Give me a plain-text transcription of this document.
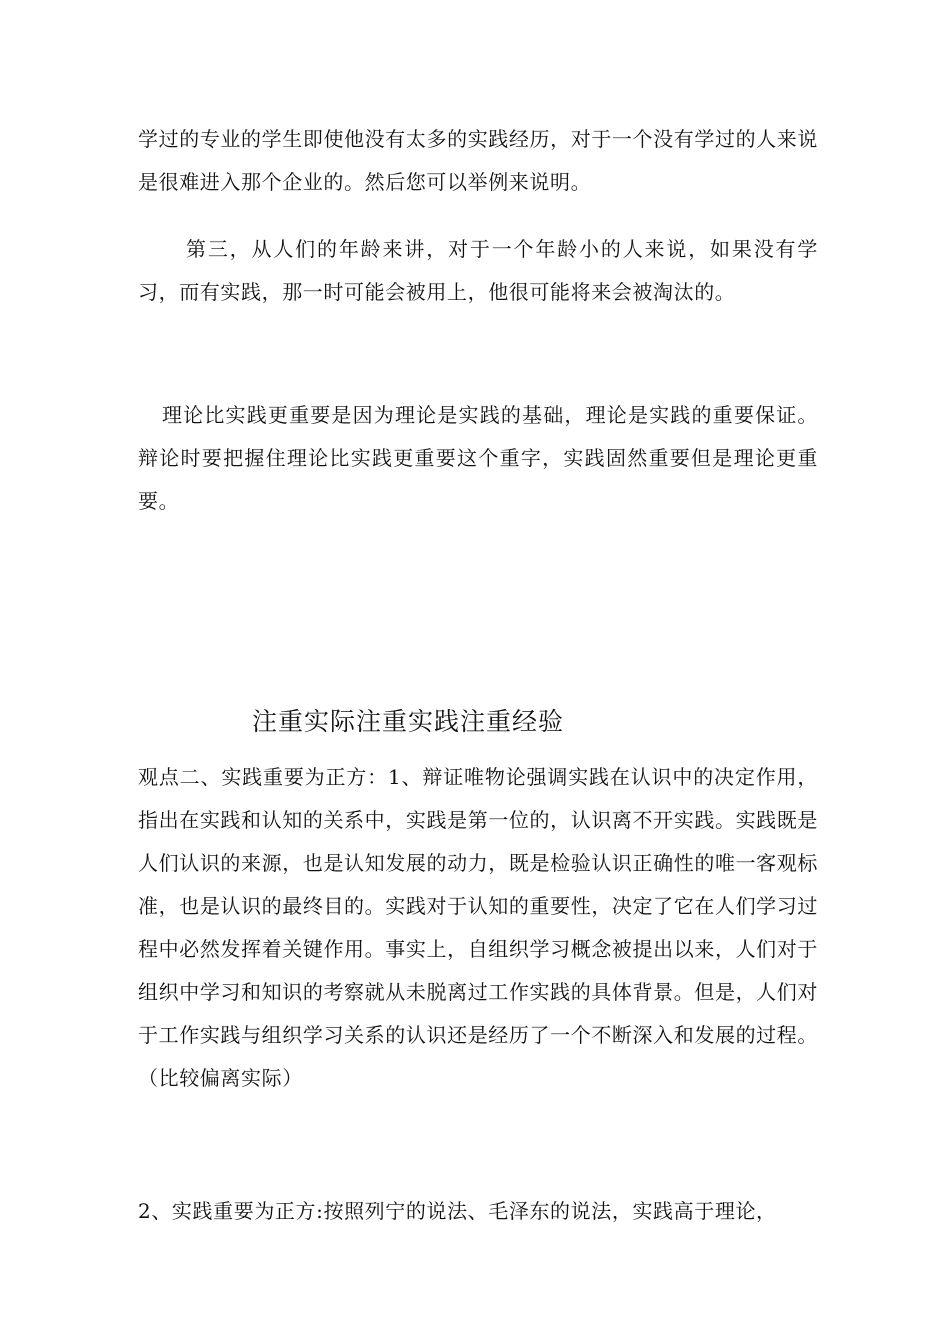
学过的专业的学生即使他没有太多的实践经历，对于一个没有学过的人来说是很难进入那个企业的。然后您可以举例来说明。

第三，从人们的年龄来讲，对于一个年龄小的人来说，如果没有学习，而有实践，那一时可能会被用上，他很可能将来会被淘汰的。

理论比实践更重要是因为理论是实践的基础，理论是实践的重要保证。辩论时要把握住理论比实践更重要这个重字，实践固然重要但是理论更重要。

注重实际注重实践注重经验

观点二、实践重要为正方：1、辩证唯物论强调实践在认识中的决定作用，指出在实践和认知的关系中，实践是第一位的，认识离不开实践。实践既是人们认识的来源，也是认知发展的动力，既是检验认识正确性的唯一客观标准，也是认识的最终目的。实践对于认知的重要性，决定了它在人们学习过程中必然发挥着关键作用。事实上，自组织学习概念被提出以来，人们对于组织中学习和知识的考察就从未脱离过工作实践的具体背景。但是，人们对于工作实践与组织学习关系的认识还是经历了一个不断深入和发展的过程。（比较偏离实际）

2、实践重要为正方:按照列宁的说法、毛泽东的说法，实践高于理论，
